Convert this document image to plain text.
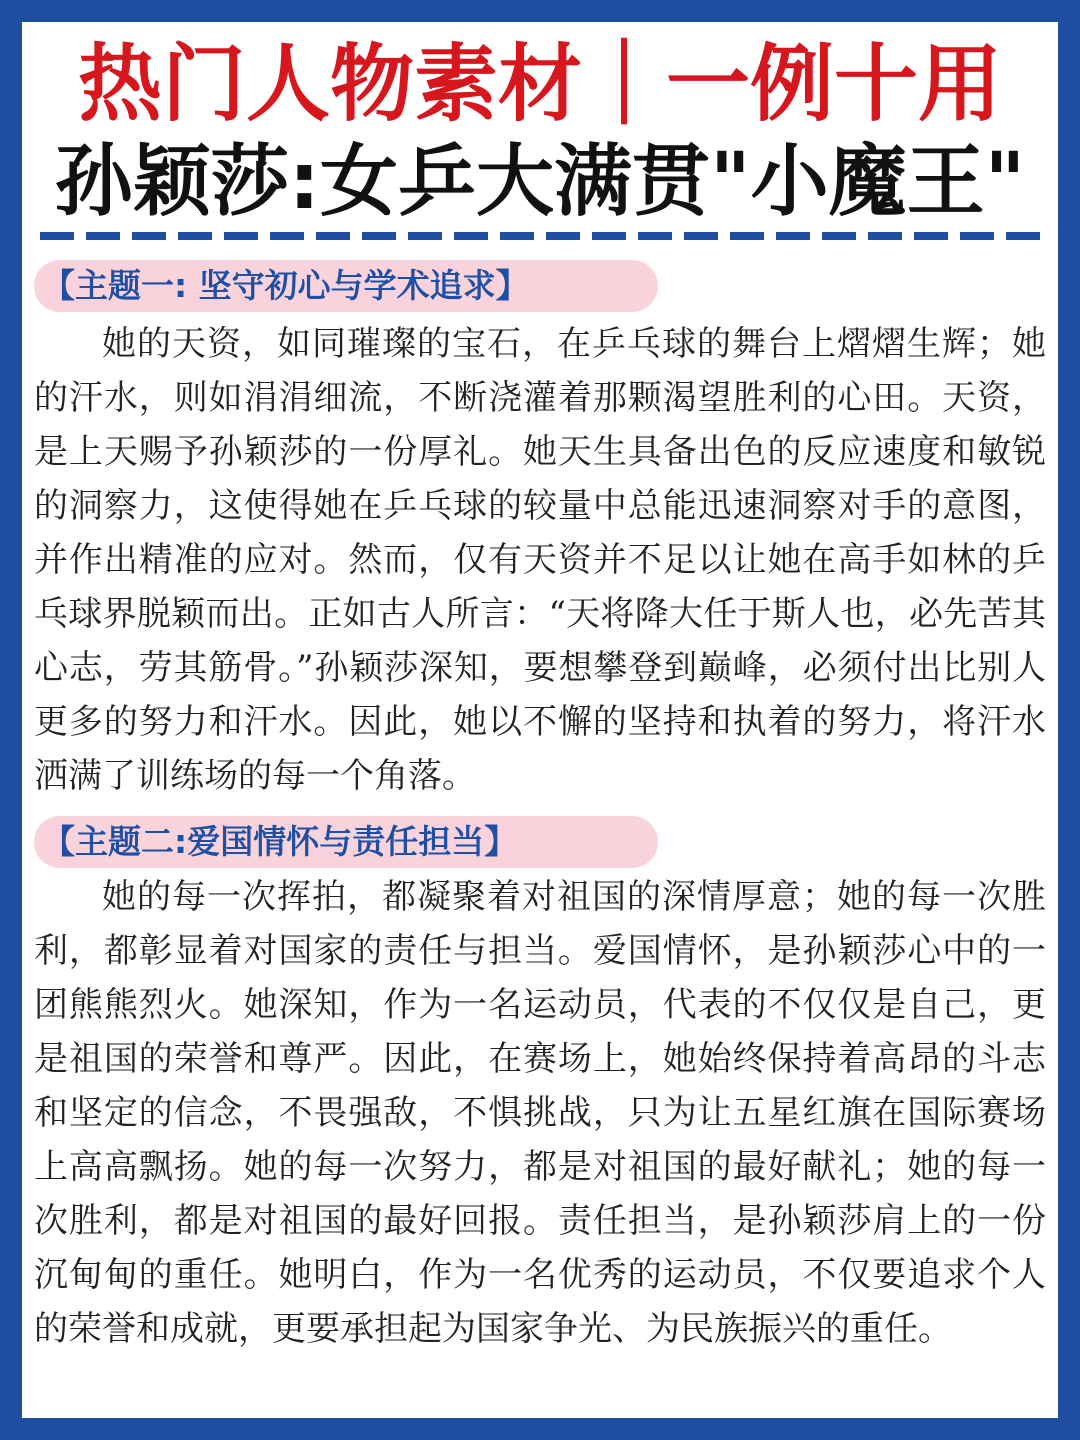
热门人物素材｜一例十用
孙颖莎:女乒大满贯"小魔王"
【主题一: 坚守初心与学术追求】

她的天资，如同璀璨的宝石，在乒乓球的舞台上熠熠生辉；她的汗水，则如涓涓细流，不断浇灌着那颗渴望胜利的心田。天资，是上天赐予孙颖莎的一份厚礼。她天生具备出色的反应速度和敏锐的洞察力，这使得她在乒乓球的较量中总能迅速洞察对手的意图，并作出精准的应对。然而，仅有天资并不足以让她在高手如林的乒乓球界脱颖而出。正如古人所言：“天将降大任于斯人也，必先苦其心志，劳其筋骨。”孙颖莎深知，要想攀登到巅峰，必须付出比别人更多的努力和汗水。因此，她以不懈的坚持和执着的努力，将汗水洒满了训练场的每一个角落。

【主题二:爱国情怀与责任担当】

她的每一次挥拍，都凝聚着对祖国的深情厚意；她的每一次胜利，都彰显着对国家的责任与担当。爱国情怀，是孙颖莎心中的一团熊熊烈火。她深知，作为一名运动员，代表的不仅仅是自己，更是祖国的荣誉和尊严。因此，在赛场上，她始终保持着高昂的斗志和坚定的信念，不畏强敌，不惧挑战，只为让五星红旗在国际赛场上高高飘扬。她的每一次努力，都是对祖国的最好献礼；她的每一次胜利，都是对祖国的最好回报。责任担当，是孙颖莎肩上的一份沉甸甸的重任。她明白，作为一名优秀的运动员，不仅要追求个人的荣誉和成就，更要承担起为国家争光、为民族振兴的重任。
